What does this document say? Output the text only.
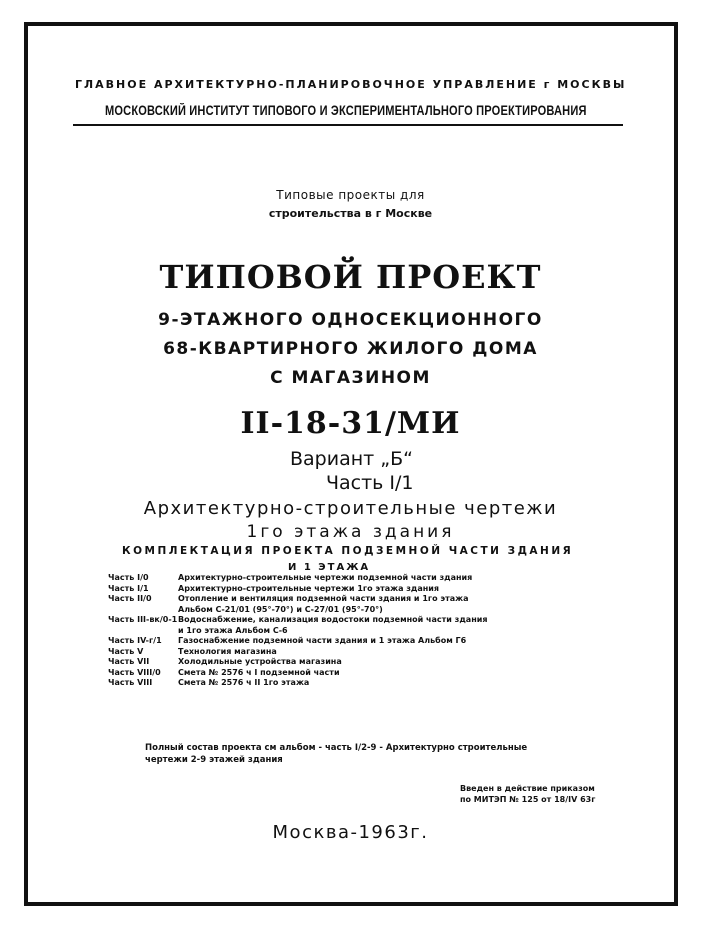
ГЛАВНОЕ АРХИТЕКТУРНО-ПЛАНИРОВОЧНОЕ УПРАВЛЕНИЕ г МОСКВЫ
МОСКОВСКИЙ ИНСТИТУТ ТИПОВОГО И ЭКСПЕРИМЕНТАЛЬНОГО ПРОЕКТИРОВАНИЯ
Типовые проекты для
строительства в г Москве
ТИПОВОЙ ПРОЕКТ
9-ЭТАЖНОГО ОДНОСЕКЦИОННОГО
68-КВАРТИРНОГО ЖИЛОГО ДОМА
С МАГАЗИНОМ
II-18-31/МИ
Вариант „Б“
Часть I/1
Архитектурно-строительные чертежи
1го этажа здания
КОМПЛЕКТАЦИЯ ПРОЕКТА ПОДЗЕМНОЙ ЧАСТИ ЗДАНИЯ
И 1 ЭТАЖА
Часть I/0	Архитектурно-строительные чертежи подземной части здания
Часть I/1	Архитектурно-строительные чертежи 1го этажа здания
Часть II/0	Отопление и вентиляция подземной части здания и 1го этажа
Альбом С-21/01 (95°-70°) и С-27/01 (95°-70°)
Часть III-вк/0-1 Водоснабжение, канализация водостоки подземной части здания
и 1го этажа Альбом С-6
Часть IV-г/1	Газоснабжение подземной части здания и 1 этажа Альбом Г6
Часть V	Технология магазина
Часть VII	Холодильные устройства магазина
Часть VIII/0	Смета № 2576 ч I подземной части
Часть VIII	Смета № 2576 ч II 1го этажа
Полный состав проекта см альбом - часть I/2-9 - Архитектурно строительные чертежи 2-9 этажей здания
Введен в действие приказом
по МИТЭП № 125 от 18/IV 63г
Москва-1963г.
